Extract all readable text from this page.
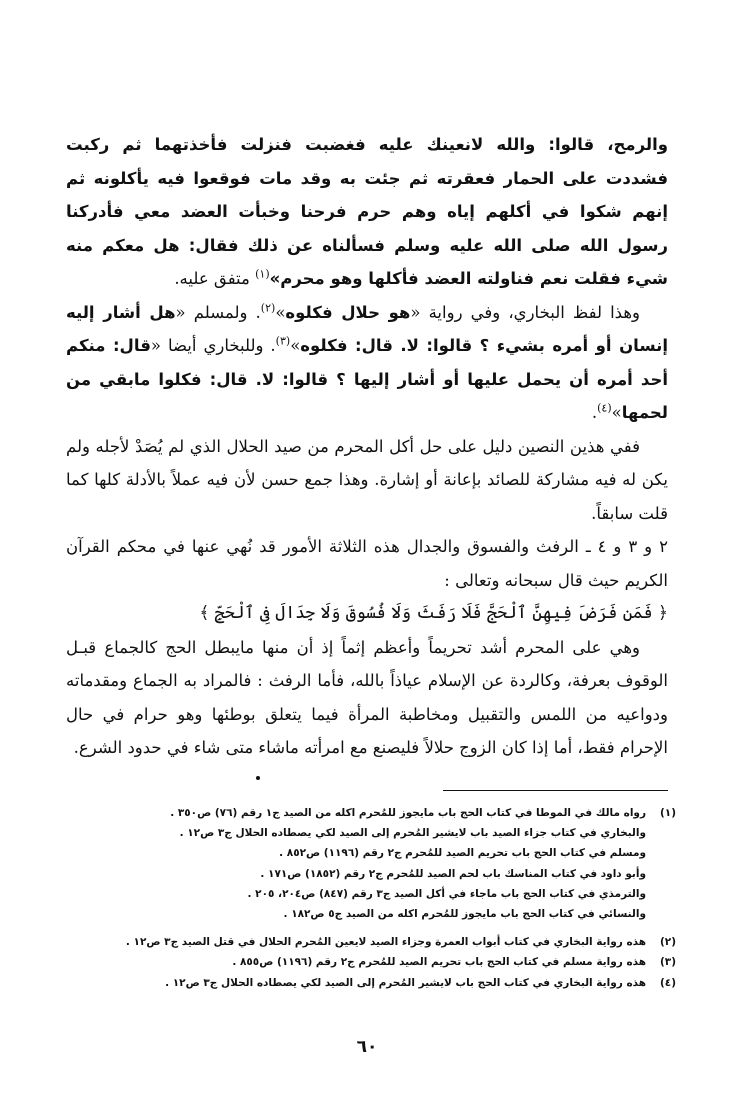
والرمح، قالوا: والله لانعينك عليه فغضبت فنزلت فأخذتهما ثم ركبت فشددت على الحمار فعقرته ثم جئت به وقد مات فوقعوا فيه يأكلونه ثم إنهم شكوا في أكلهم إياه وهم حرم فرحنا وخبأت العضد معي فأدركنا رسول الله صلى الله عليه وسلم فسألناه عن ذلك فقال: هل معكم منه شيء فقلت نعم فناولته العضد فأكلها وهو محرم»$^{(١)}$ متفق عليه.

وهذا لفظ البخاري، وفي رواية «هو حلال فكلوه»$^{(٢)}$. ولمسلم «هل أشار إليه إنسان أو أمره بشيء ؟ قالوا: لا. قال: فكلوه»$^{(٣)}$. وللبخاري أيضا «قال: منكم أحد أمره أن يحمل عليها أو أشار إليها ؟ قالوا: لا. قال: فكلوا مابقي من لحمها»$^{(٤)}$.

ففي هذين النصين دليل على حل أكل المحرم من صيد الحلال الذي لم يُصَدْ لأجله ولم يكن له فيه مشاركة للصائد بإعانة أو إشارة. وهذا جمع حسن لأن فيه عملاً بالأدلة كلها كما قلت سابقاً.

٢ و ٣ و ٤ ـ الرفث والفسوق والجدال هذه الثلاثة الأمور قد نُهي عنها في محكم القرآن الكريم حيث قال سبحانه وتعالى :

﴿ فَمَن فَرَضَ فِيهِنَّ ٱلْحَجَّ فَلَا رَفَثَ وَلَا فُسُوقَ وَلَا جِدَالَ فِى ٱلْحَجِّ ﴾

وهي على المحرم أشد تحريماً وأعظم إثماً إذ أن منها مايبطل الحج كالجماع قبـل الوقوف بعرفة، وكالردة عن الإسلام عياذاً بالله، فأما الرفث : فالمراد به الجماع ومقدماته ودواعيه من اللمس والتقبيل ومخاطبة المرأة فيما يتعلق بوطئها وهو حرام في حال الإحرام فقط، أما إذا كان الزوج حلالاً فليصنع مع امرأته ماشاء متى شاء في حدود الشرع.

(١)
رواه مالك في الموطا في كتاب الحج باب مايجوز للمُحرم اكله من الصيد ج١ رقم (٧٦) ص٣٥٠ .
والبخاري في كتاب جزاء الصيد باب لايشير المُحرم إلى الصيد لكي يصطاده الحلال ج٣ ص١٢ .
ومسلم في كتاب الحج باب تحريم الصيد للمُحرم ج٢ رقم (١١٩٦) ص٨٥٢ .
وأبو داود في كتاب المناسك باب لحم الصيد للمُحرم ج٢ رقم (١٨٥٢) ص١٧١ .
والترمذي في كتاب الحج باب ماجاء في أكل الصيد ج٣ رقم (٨٤٧) ص٢٠٤، ٢٠٥ .
والنسائي في كتاب الحج باب مايجوز للمُحرم اكله من الصيد ج٥ ص١٨٢ .
(٢)
هذه رواية البخاري في كتاب أبواب العمرة وجزاء الصيد لايعين المُحرم الحلال في قتل الصيد ج٣ ص١٢ .
(٣)
هذه رواية مسلم في كتاب الحج باب تحريم الصيد للمُحرم ج٢ رقم (١١٩٦) ص٨٥٥ .
(٤)
هذه رواية البخاري في كتاب الحج باب لايشير المُحرم إلى الصيد لكي يصطاده الحلال ج٣ ص١٢ .
٦٠
